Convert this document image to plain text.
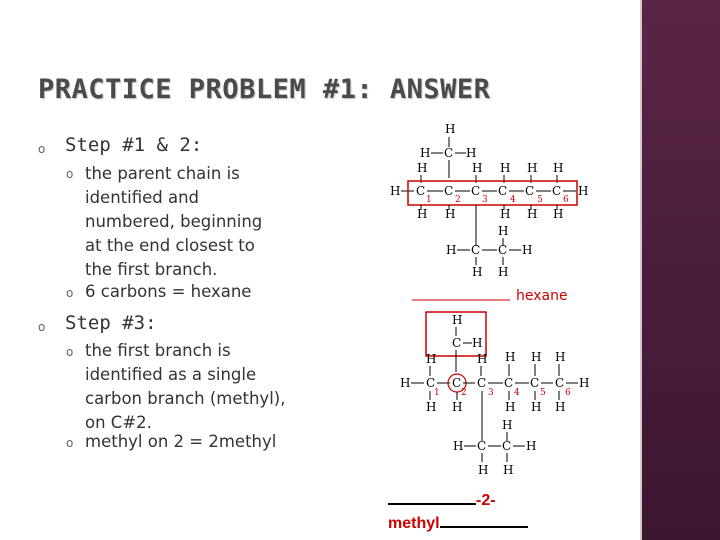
PRACTICE PROBLEM #1: ANSWER
o Step #1 & 2:
o the parent chain is
identified and
numbered, beginning
at the end closest to
the first branch.
o 6 carbons = hexane
o Step #3:
o the first branch is
identified as a single
carbon branch (methyl),
on C#2.
o methyl on 2 = 2methyl
H
H C H
H	H H H H
H C C C C C C H
1	2 3 4 5 6
H H	H H H
H
H C C H
H H
hexane
H
C H
H	H H H H
H C C C C C C H
1 2 3 4 5 6
H H	H H H
H
H C C H
H H
-2-
methyl
